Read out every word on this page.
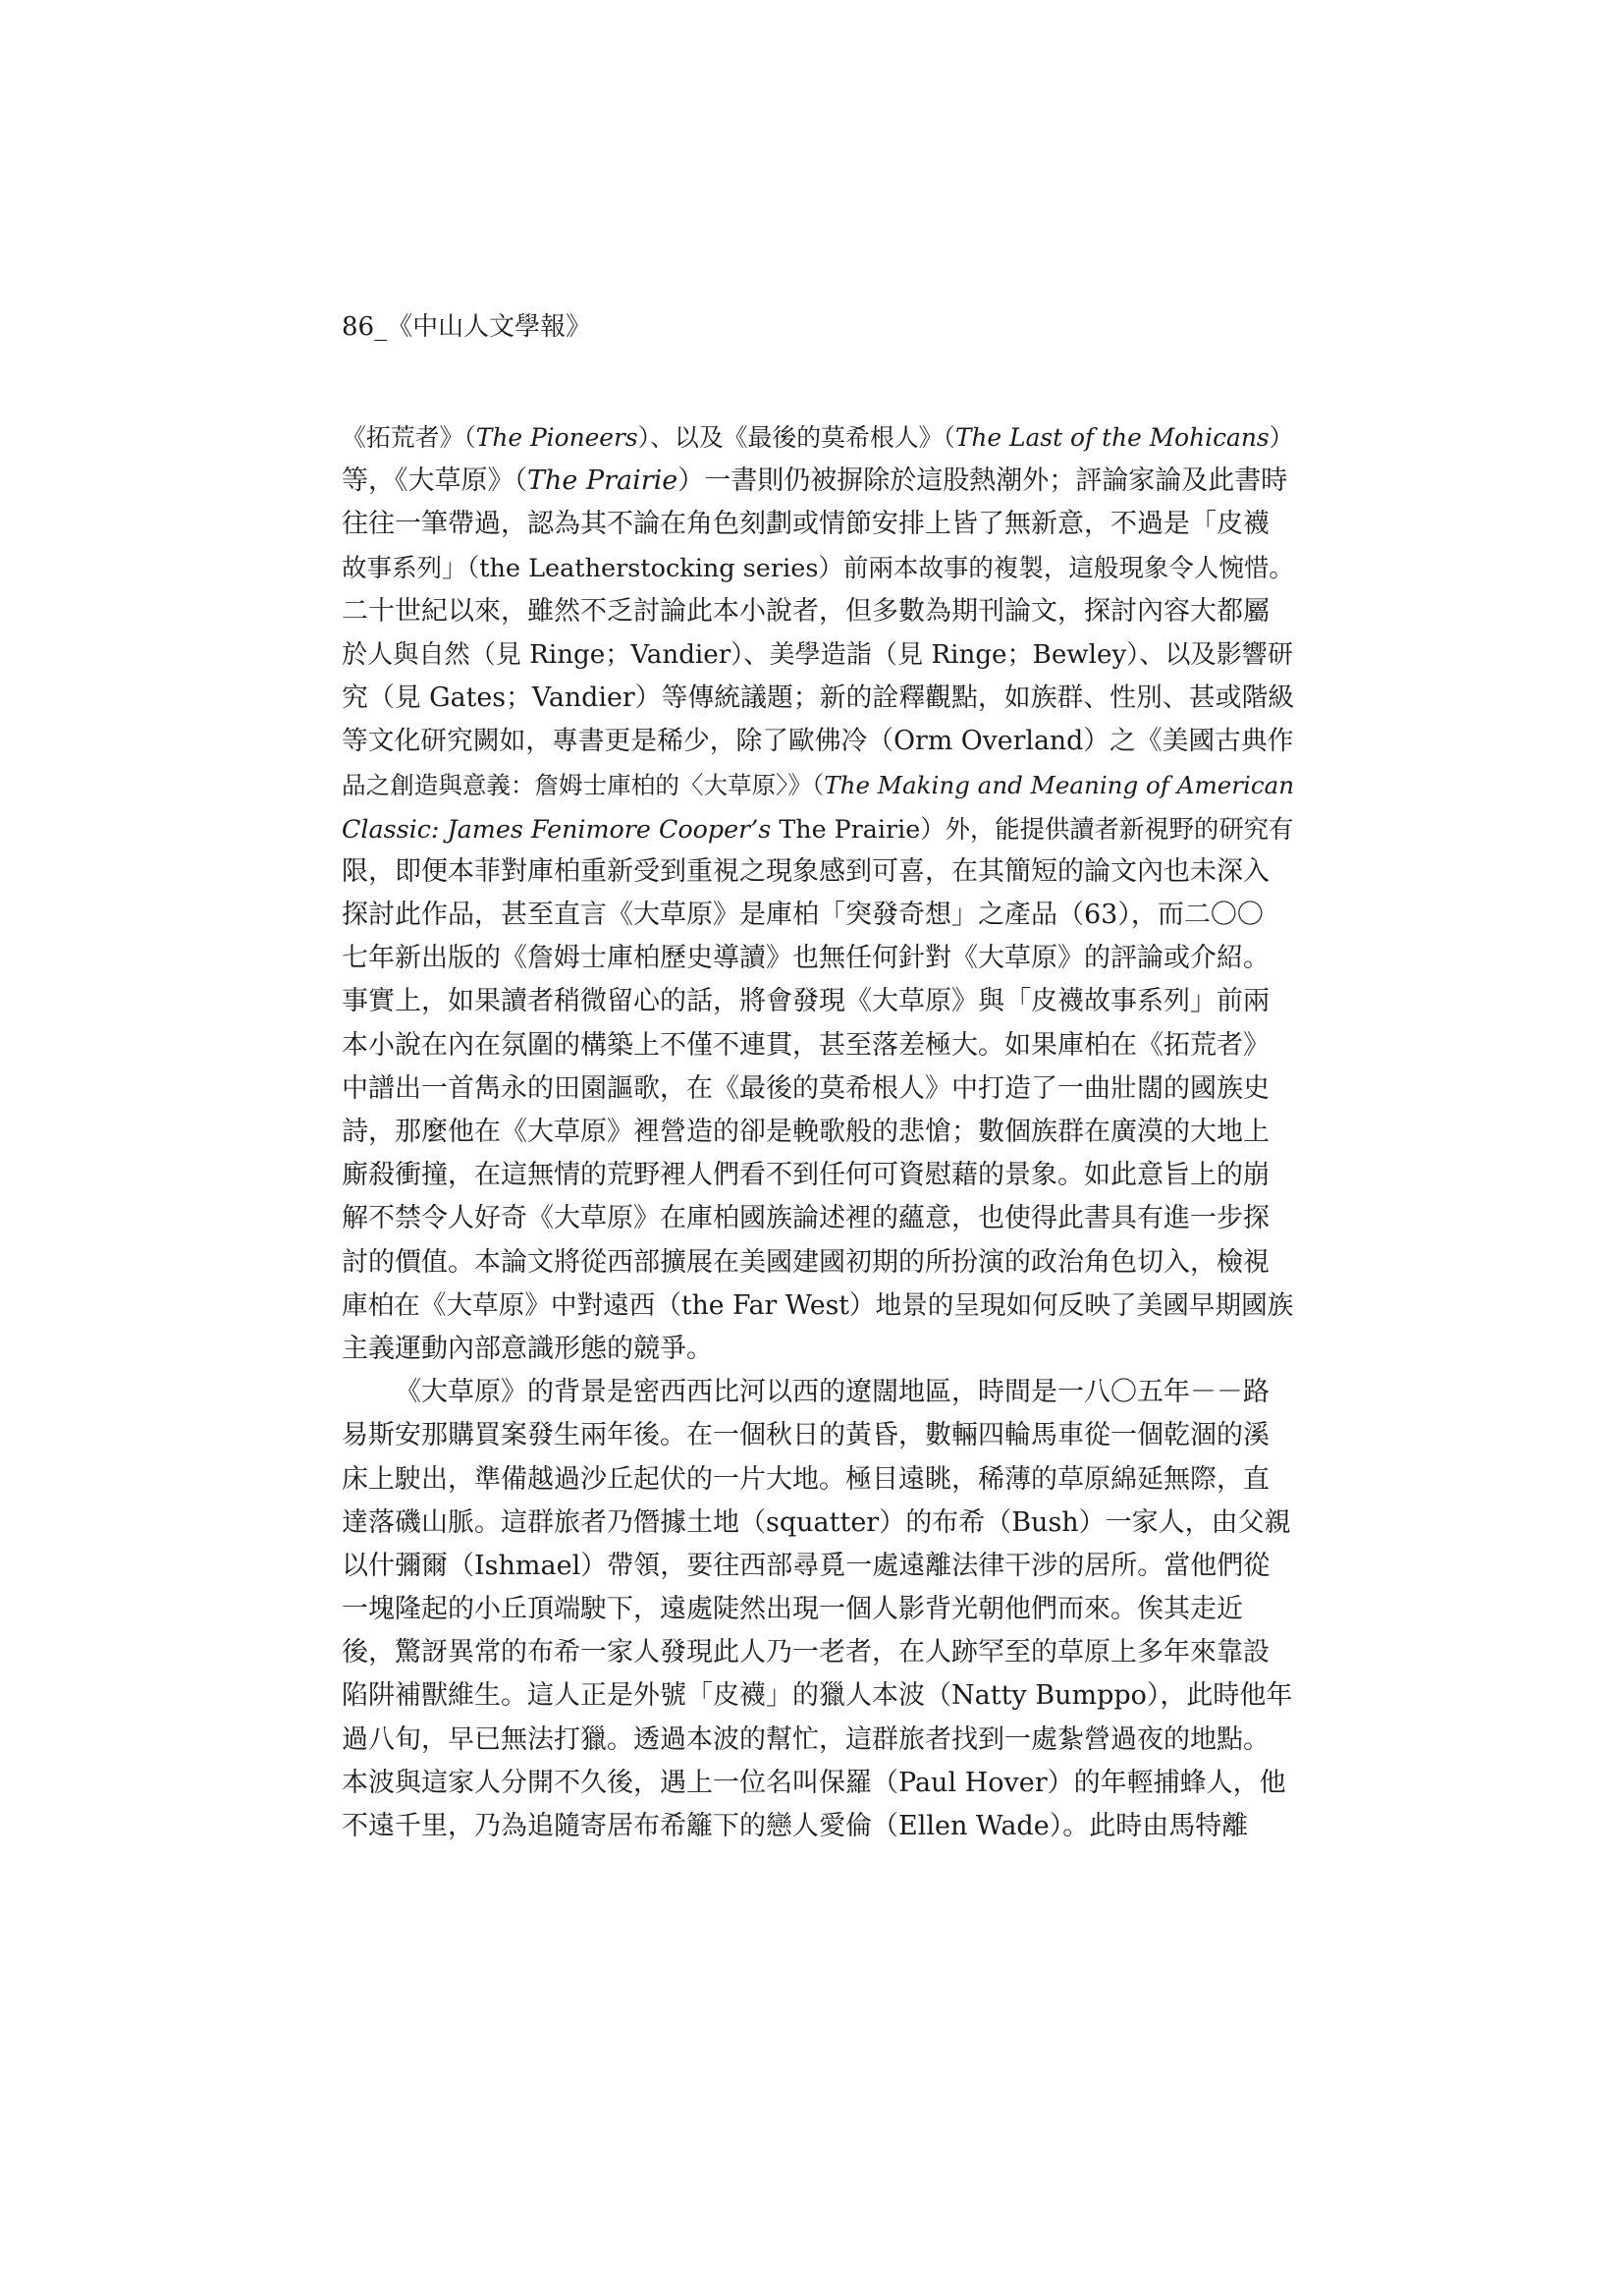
86_《中山人文學報》
《拓荒者》（The Pioneers）、以及《最後的莫希根人》（The Last of the Mohicans）
等，《大草原》（The Prairie）一書則仍被摒除於這股熱潮外；評論家論及此書時
往往一筆帶過，認為其不論在角色刻劃或情節安排上皆了無新意，不過是「皮襪
故事系列」（the Leatherstocking series）前兩本故事的複製，這般現象令人惋惜。
二十世紀以來，雖然不乏討論此本小說者，但多數為期刊論文，探討內容大都屬
於人與自然（見 Ringe；Vandier）、美學造詣（見 Ringe；Bewley）、以及影響研
究（見 Gates；Vandier）等傳統議題；新的詮釋觀點，如族群、性別、甚或階級
等文化研究闕如，專書更是稀少，除了歐佛冷（Orm Overland）之《美國古典作
品之創造與意義：詹姆士庫柏的〈大草原〉》（The Making and Meaning of American
Classic: James Fenimore Cooper’s The Prairie）外，能提供讀者新視野的研究有
限，即便本菲對庫柏重新受到重視之現象感到可喜，在其簡短的論文內也未深入
探討此作品，甚至直言《大草原》是庫柏「突發奇想」之產品（63），而二〇〇
七年新出版的《詹姆士庫柏歷史導讀》也無任何針對《大草原》的評論或介紹。
事實上，如果讀者稍微留心的話，將會發現《大草原》與「皮襪故事系列」前兩
本小說在內在氛圍的構築上不僅不連貫，甚至落差極大。如果庫柏在《拓荒者》
中譜出一首雋永的田園謳歌，在《最後的莫希根人》中打造了一曲壯闊的國族史
詩，那麼他在《大草原》裡營造的卻是輓歌般的悲愴；數個族群在廣漠的大地上
廝殺衝撞，在這無情的荒野裡人們看不到任何可資慰藉的景象。如此意旨上的崩
解不禁令人好奇《大草原》在庫柏國族論述裡的蘊意，也使得此書具有進一步探
討的價值。本論文將從西部擴展在美國建國初期的所扮演的政治角色切入，檢視
庫柏在《大草原》中對遠西（the Far West）地景的呈現如何反映了美國早期國族
主義運動內部意識形態的競爭。
《大草原》的背景是密西西比河以西的遼闊地區，時間是一八〇五年－－路
易斯安那購買案發生兩年後。在一個秋日的黃昏，數輛四輪馬車從一個乾涸的溪
床上駛出，準備越過沙丘起伏的一片大地。極目遠眺，稀薄的草原綿延無際，直
達落磯山脈。這群旅者乃僭據土地（squatter）的布希（Bush）一家人，由父親
以什彌爾（Ishmael）帶領，要往西部尋覓一處遠離法律干涉的居所。當他們從
一塊隆起的小丘頂端駛下，遠處陡然出現一個人影背光朝他們而來。俟其走近
後，驚訝異常的布希一家人發現此人乃一老者，在人跡罕至的草原上多年來靠設
陷阱補獸維生。這人正是外號「皮襪」的獵人本波（Natty Bumppo），此時他年
過八旬，早已無法打獵。透過本波的幫忙，這群旅者找到一處紮營過夜的地點。
本波與這家人分開不久後，遇上一位名叫保羅（Paul Hover）的年輕捕蜂人，他
不遠千里，乃為追隨寄居布希籬下的戀人愛倫（Ellen Wade）。此時由馬特離
